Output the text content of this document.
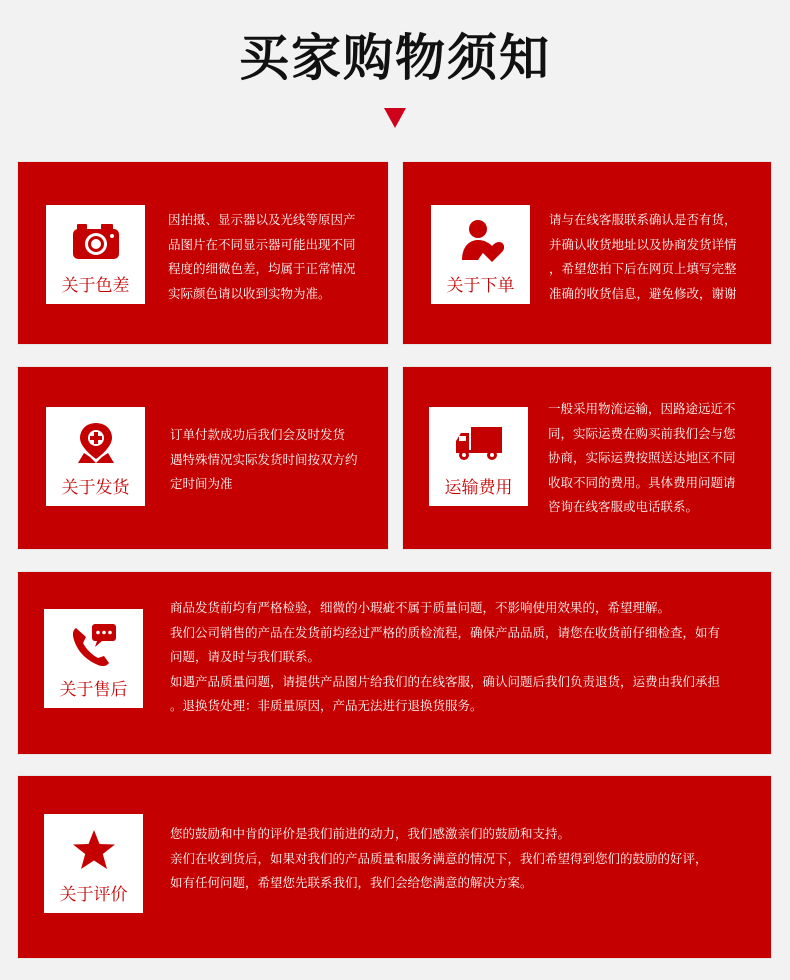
买家购物须知
关于色差

因拍摄、显示器以及光线等原因产

品图片在不同显示器可能出现不同

程度的细微色差，均属于正常情况

实际颜色请以收到实物为准。	关于下单

请与在线客服联系确认是否有货，

并确认收货地址以及协商发货详情

，希望您拍下后在网页上填写完整

准确的收货信息，避免修改，谢谢

关于发货

订单付款成功后我们会及时发货

遇特殊情况实际发货时间按双方约

定时间为准	运输费用

一般采用物流运输，因路途远近不

同，实际运费在购买前我们会与您

协商，实际运费按照送达地区不同

收取不同的费用。具体费用问题请

咨询在线客服或电话联系。

关于售后

商品发货前均有严格检验，细微的小瑕疵不属于质量问题，不影响使用效果的，希望理解。

我们公司销售的产品在发货前均经过严格的质检流程，确保产品品质，请您在收货前仔细检查，如有

问题，请及时与我们联系。

如遇产品质量问题，请提供产品图片给我们的在线客服，确认问题后我们负责退货，运费由我们承担

。退换货处理：非质量原因，产品无法进行退换货服务。

关于评价

您的鼓励和中肯的评价是我们前进的动力，我们感激亲们的鼓励和支持。

亲们在收到货后，如果对我们的产品质量和服务满意的情况下，我们希望得到您们的鼓励的好评，

如有任何问题，希望您先联系我们，我们会给您满意的解决方案。
